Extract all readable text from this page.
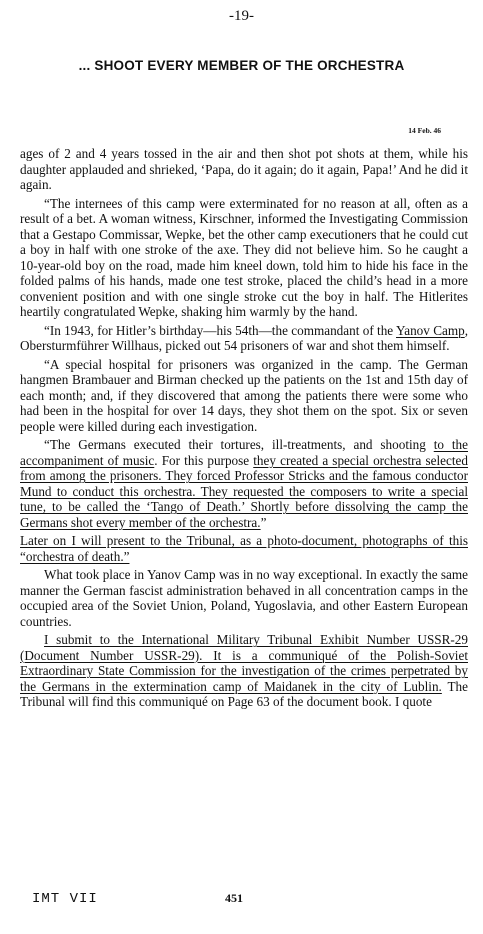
-19-
... SHOOT EVERY MEMBER OF THE ORCHESTRA
14 Feb. 46

ages of 2 and 4 years tossed in the air and then shot pot shots at them, while his daughter applauded and shrieked, ‘Papa, do it again; do it again, Papa!’ And he did it again.

“The internees of this camp were exterminated for no reason at all, often as a result of a bet. A woman witness, Kirschner, informed the Investigating Commission that a Gestapo Commissar, Wepke, bet the other camp executioners that he could cut a boy in half with one stroke of the axe. They did not believe him. So he caught a 10-year-old boy on the road, made him kneel down, told him to hide his face in the folded palms of his hands, made one test stroke, placed the child’s head in a more convenient position and with one single stroke cut the boy in half. The Hitlerites heartily congratulated Wepke, shaking him warmly by the hand.

“In 1943, for Hitler’s birthday—his 54th—the commandant of the Yanov Camp, Obersturmführer Willhaus, picked out 54 prisoners of war and shot them himself.

“A special hospital for prisoners was organized in the camp. The German hangmen Brambauer and Birman checked up the patients on the 1st and 15th day of each month; and, if they discovered that among the patients there were some who had been in the hospital for over 14 days, they shot them on the spot. Six or seven people were killed during each investigation.

“The Germans executed their tortures, ill-treatments, and shooting to the accompaniment of music. For this purpose they created a special orchestra selected from among the prisoners. They forced Professor Stricks and the famous conductor Mund to conduct this orchestra. They requested the composers to write a special tune, to be called the ‘Tango of Death.’ Shortly before dissolving the camp the Germans shot every member of the orchestra.”

Later on I will present to the Tribunal, as a photo-document, photographs of this “orchestra of death.”

What took place in Yanov Camp was in no way exceptional. In exactly the same manner the German fascist administration behaved in all concentration camps in the occupied area of the Soviet Union, Poland, Yugoslavia, and other Eastern European countries.

I submit to the International Military Tribunal Exhibit Number USSR-29 (Document Number USSR-29). It is a communiqué of the Polish-Soviet Extraordinary State Commission for the investigation of the crimes perpetrated by the Germans in the extermination camp of Maidanek in the city of Lublin. The Tribunal will find this communiqué on Page 63 of the document book. I quote

IMT VII	451
